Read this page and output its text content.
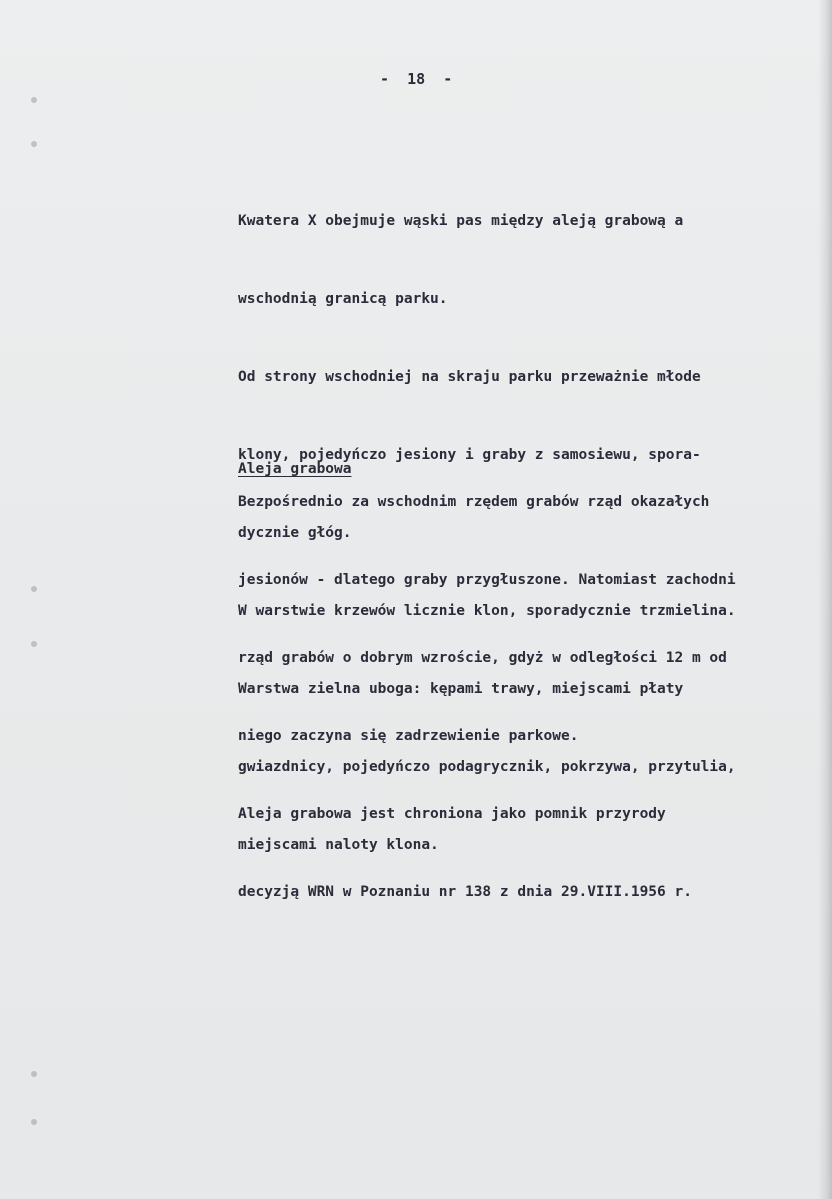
-  18  -

Kwatera X obejmuje wąski pas między aleją grabową a

wschodnią granicą parku.

Od strony wschodniej na skraju parku przeważnie młode

klony, pojedyńczo jesiony i graby z samosiewu, spora-

dycznie głóg.

W warstwie krzewów licznie klon, sporadycznie trzmielina.

Warstwa zielna uboga: kępami trawy, miejscami płaty

gwiazdnicy, pojedyńczo podagrycznik, pokrzywa, przytulia,

miejscami naloty klona.

Aleja grabowa

Bezpośrednio za wschodnim rzędem grabów rząd okazałych

jesionów - dlatego graby przygłuszone. Natomiast zachodni

rząd grabów o dobrym wzroście, gdyż w odległości 12 m od

niego zaczyna się zadrzewienie parkowe.

Aleja grabowa jest chroniona jako pomnik przyrody

decyzją WRN w Poznaniu nr 138 z dnia 29.VIII.1956 r.
